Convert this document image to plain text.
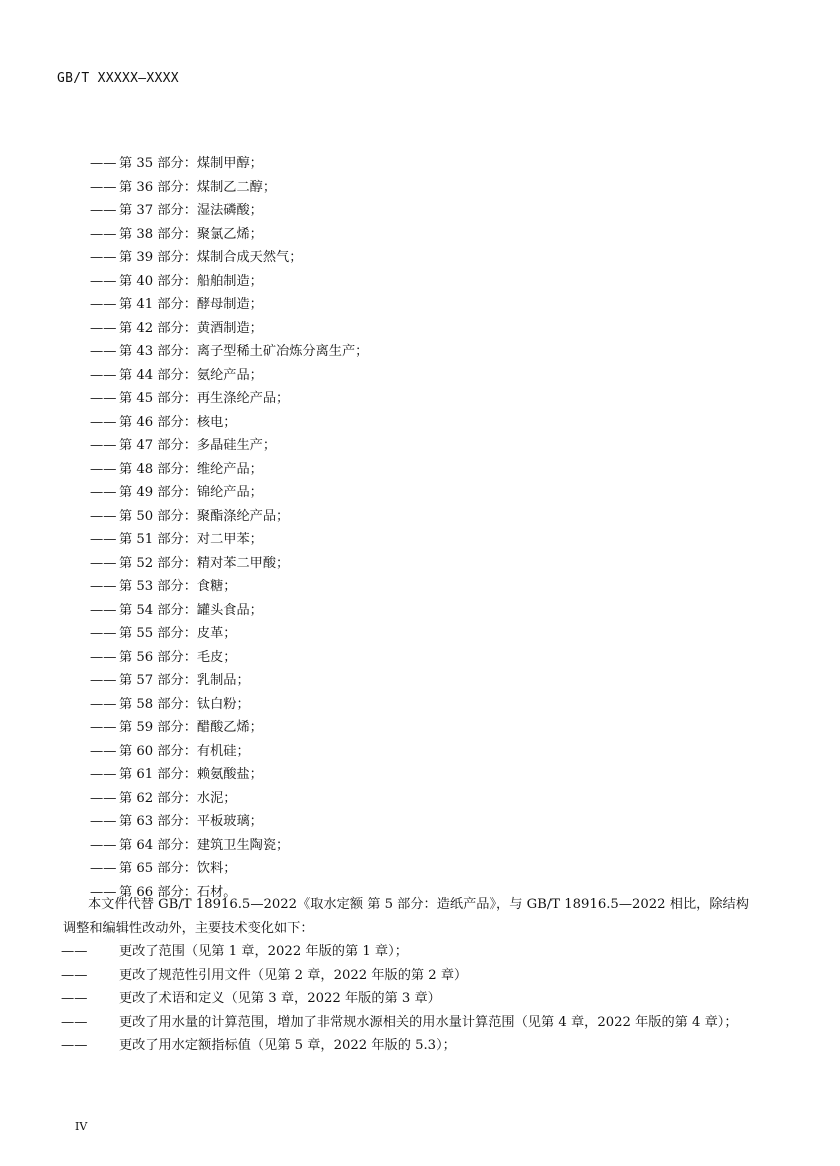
GB/T XXXXX—XXXX
—— 第 35 部分：煤制甲醇；
—— 第 36 部分：煤制乙二醇；
—— 第 37 部分：湿法磷酸；
—— 第 38 部分：聚氯乙烯；
—— 第 39 部分：煤制合成天然气；
—— 第 40 部分：船舶制造；
—— 第 41 部分：酵母制造；
—— 第 42 部分：黄酒制造；
—— 第 43 部分：离子型稀土矿冶炼分离生产；
—— 第 44 部分：氨纶产品；
—— 第 45 部分：再生涤纶产品；
—— 第 46 部分：核电；
—— 第 47 部分：多晶硅生产；
—— 第 48 部分：维纶产品；
—— 第 49 部分：锦纶产品；
—— 第 50 部分：聚酯涤纶产品；
—— 第 51 部分：对二甲苯；
—— 第 52 部分：精对苯二甲酸；
—— 第 53 部分：食糖；
—— 第 54 部分：罐头食品；
—— 第 55 部分：皮革；
—— 第 56 部分：毛皮；
—— 第 57 部分：乳制品；
—— 第 58 部分：钛白粉；
—— 第 59 部分：醋酸乙烯；
—— 第 60 部分：有机硅；
—— 第 61 部分：赖氨酸盐；
—— 第 62 部分：水泥；
—— 第 63 部分：平板玻璃；
—— 第 64 部分：建筑卫生陶瓷；
—— 第 65 部分：饮料；
—— 第 66 部分：石材。
本文件代替 GB/T 18916.5—2022《取水定额 第 5 部分：造纸产品》，与 GB/T 18916.5—2022 相比，除结构调整和编辑性改动外，主要技术变化如下：
—— 更改了范围（见第 1 章，2022 年版的第 1 章）；
—— 更改了规范性引用文件（见第 2 章，2022 年版的第 2 章）
—— 更改了术语和定义（见第 3 章，2022 年版的第 3 章）
—— 更改了用水量的计算范围，增加了非常规水源相关的用水量计算范围（见第 4 章，2022 年版的第 4 章）；
—— 更改了用水定额指标值（见第 5 章，2022 年版的 5.3）；
IV
